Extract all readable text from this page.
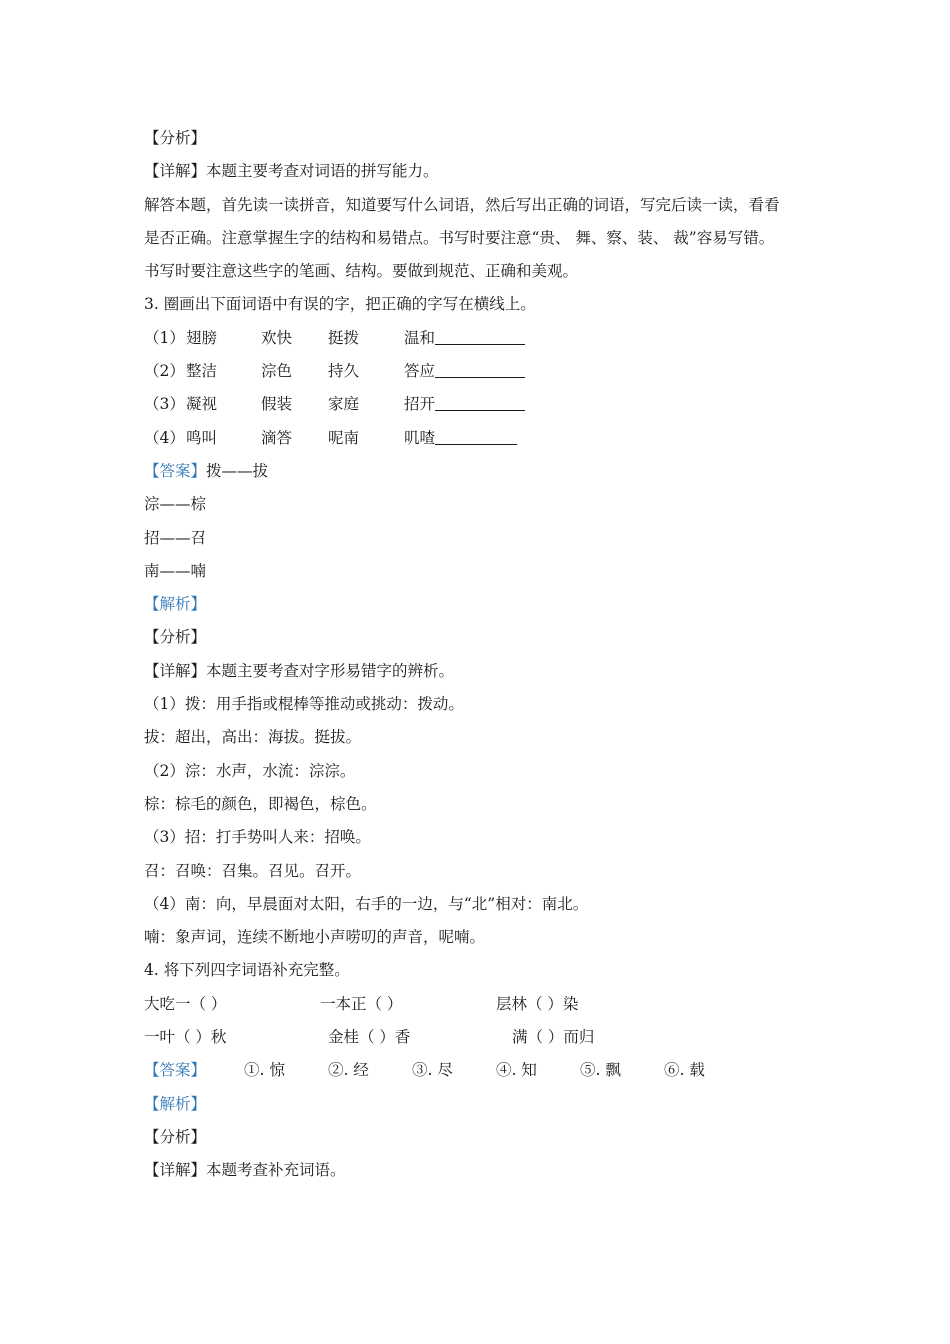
【分析】
【详解】本题主要考查对词语的拼写能力。
解答本题，首先读一读拼音，知道要写什么词语，然后写出正确的词语，写完后读一读，看看
是否正确。注意掌握生字的结构和易错点。书写时要注意“贵、 舞、察、装、 裁”容易写错。
书写时要注意这些字的笔画、结构。要做到规范、正确和美观。
3. 圈画出下面词语中有误的字，把正确的字写在横线上。
（1）翅膀	欢快 挺拨	温和
（2）整洁	淙色 持久	答应
（3）凝视	假装 家庭	招开
（4）鸣叫	滴答 呢南	叽喳
【答案】拨——拔
淙——棕
招——召
南——喃
【解析】
【分析】
【详解】本题主要考查对字形易错字的辨析。
（1）拨：用手指或棍棒等推动或挑动：拨动。
拔：超出，高出：海拔。挺拔。
（2）淙：水声，水流：淙淙。
棕：棕毛的颜色，即褐色，棕色。
（3）招：打手势叫人来：招唤。
召：召唤：召集。召见。召开。
（4）南：向，早晨面对太阳，右手的一边，与“北”相对：南北。
喃：象声词，连续不断地小声唠叨的声音，呢喃。
4. 将下列四字词语补充完整。
大吃一（ ）	一本正（ ）	层林（ ）染
一叶（ ）秋	金桂（ ）香	满（ ）而归
【答案】 ①. 惊	②. 经	③. 尽	④. 知	⑤. 飘	⑥. 载
【解析】
【分析】
【详解】本题考查补充词语。
